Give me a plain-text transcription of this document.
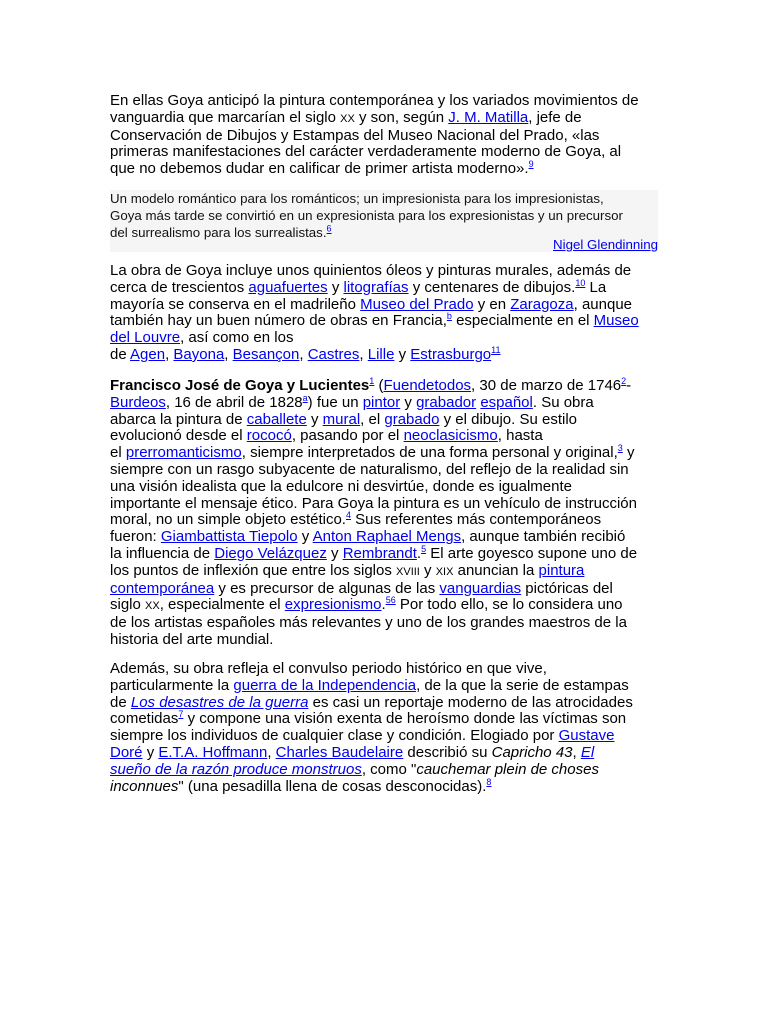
En ellas Goya anticipó la pintura contemporánea y los variados movimientos de
vanguardia que marcarían el siglo XX y son, según J. M. Matilla, jefe de
Conservación de Dibujos y Estampas del Museo Nacional del Prado, «las
primeras manifestaciones del carácter verdaderamente moderno de Goya, al
que no debemos dudar en calificar de primer artista moderno».$^9$
Un modelo romántico para los románticos; un impresionista para los impresionistas,
Goya más tarde se convirtió en un expresionista para los expresionistas y un precursor
del surrealismo para los surrealistas.$^6$
Nigel Glendinning
La obra de Goya incluye unos quinientos óleos y pinturas murales, además de
cerca de trescientos aguafuertes y litografías y centenares de dibujos.$^{10}$ La
mayoría se conserva en el madrileño Museo del Prado y en Zaragoza, aunque
también hay un buen número de obras en Francia,$^b$ especialmente en el Museo
del Louvre, así como en los
de Agen, Bayona, Besançon, Castres, Lille y Estrasburgo$^{11}$
Francisco José de Goya y Lucientes$^1$ (Fuendetodos, 30 de marzo de 1746$^2$-
Burdeos, 16 de abril de 1828$^a$) fue un pintor y grabador español. Su obra
abarca la pintura de caballete y mural, el grabado y el dibujo. Su estilo
evolucionó desde el rococó, pasando por el neoclasicismo, hasta
el prerromanticismo, siempre interpretados de una forma personal y original,$^3$ y
siempre con un rasgo subyacente de naturalismo, del reflejo de la realidad sin
una visión idealista que la edulcore ni desvirtúe, donde es igualmente
importante el mensaje ético. Para Goya la pintura es un vehículo de instrucción
moral, no un simple objeto estético.$^4$ Sus referentes más contemporáneos
fueron: Giambattista Tiepolo y Anton Raphael Mengs, aunque también recibió
la influencia de Diego Velázquez y Rembrandt.$^5$ El arte goyesco supone uno de
los puntos de inflexión que entre los siglos XVIII y XIX anuncian la pintura
contemporánea y es precursor de algunas de las vanguardias pictóricas del
siglo XX, especialmente el expresionismo.$^{56}$ Por todo ello, se lo considera uno
de los artistas españoles más relevantes y uno de los grandes maestros de la
historia del arte mundial.
Además, su obra refleja el convulso periodo histórico en que vive,
particularmente la guerra de la Independencia, de la que la serie de estampas
de Los desastres de la guerra es casi un reportaje moderno de las atrocidades
cometidas$^7$ y compone una visión exenta de heroísmo donde las víctimas son
siempre los individuos de cualquier clase y condición. Elogiado por Gustave
Doré y E.T.A. Hoffmann, Charles Baudelaire describió su Capricho 43, El
sueño de la razón produce monstruos, como "cauchemar plein de choses
inconnues" (una pesadilla llena de cosas desconocidas).$^8$
